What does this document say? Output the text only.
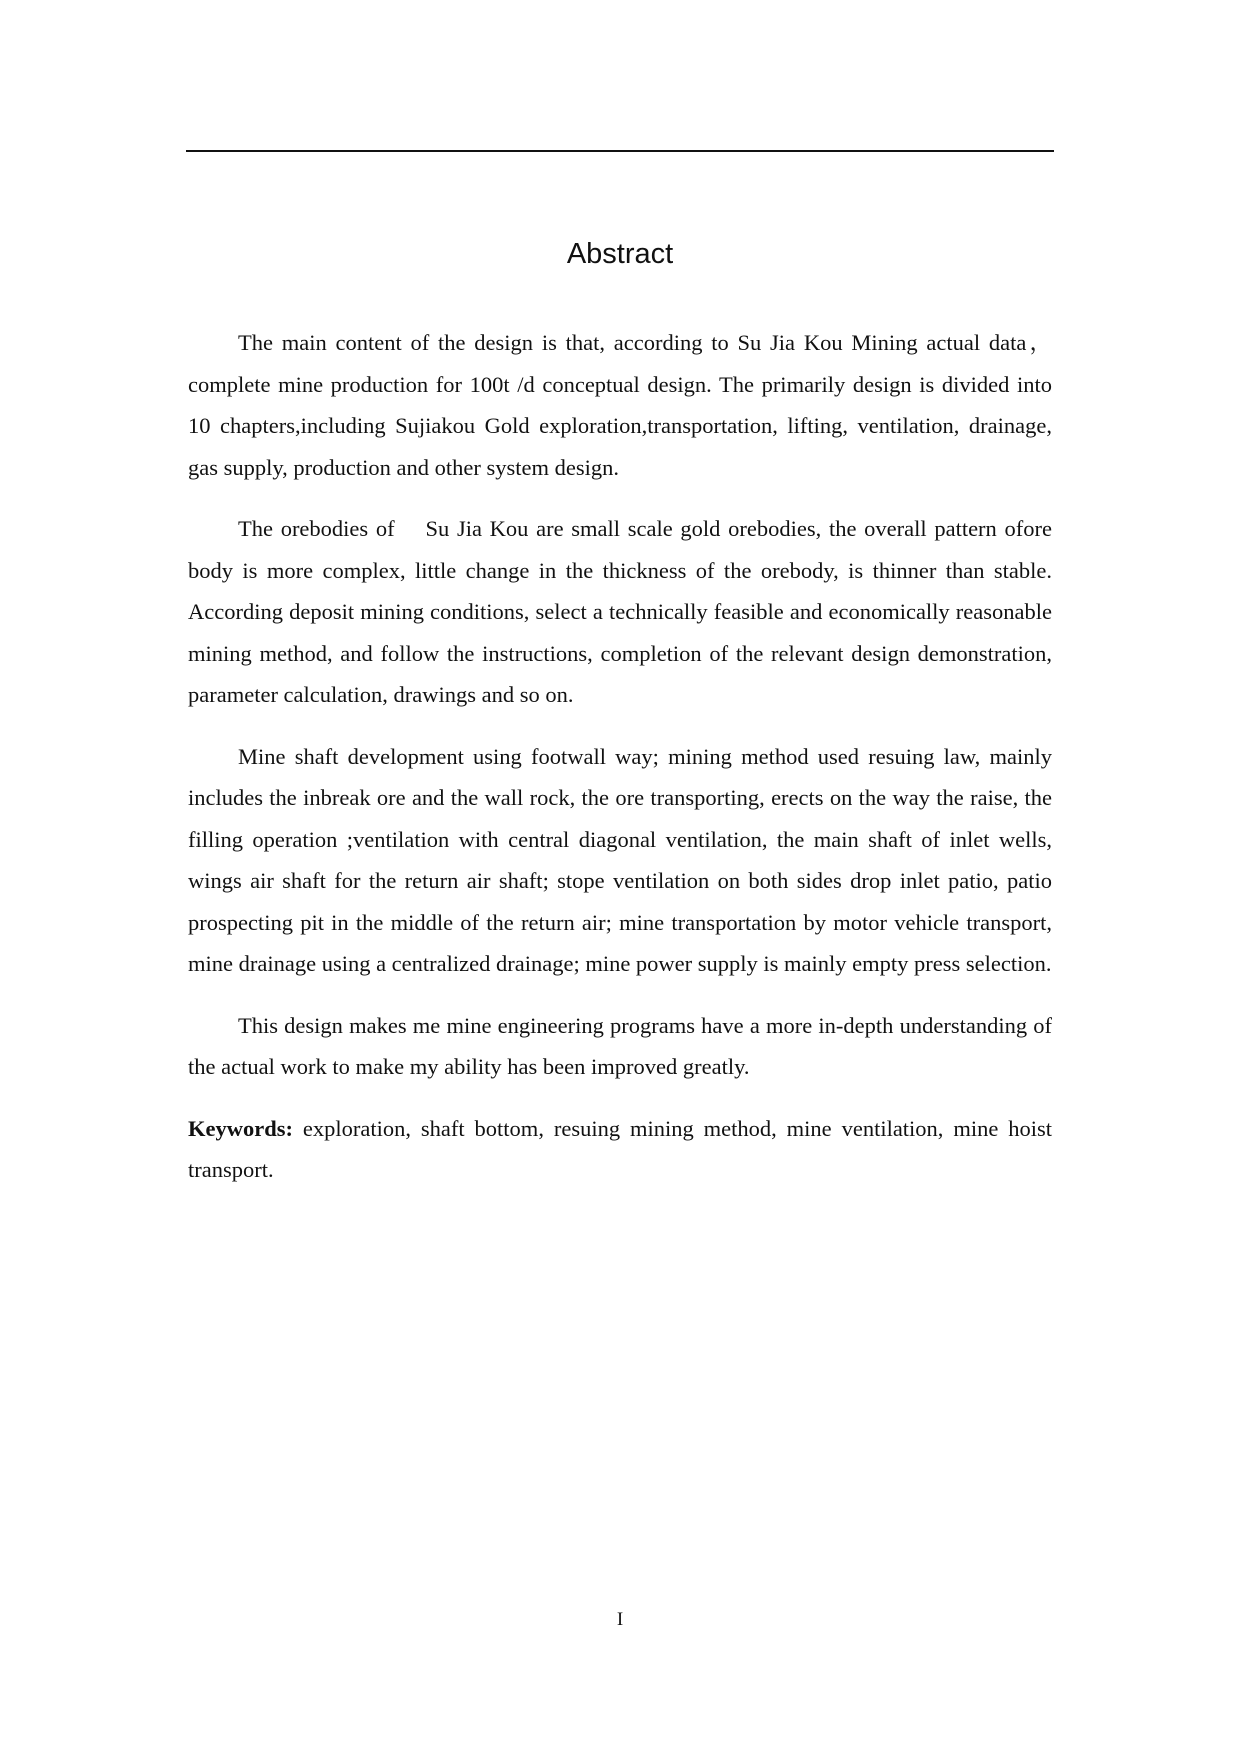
Abstract

The main content of the design is that, according to Su Jia Kou Mining actual data，complete mine production for 100t /d conceptual design. The primarily design is divided into 10 chapters,including Sujiakou Gold exploration,transportation, lifting, ventilation, drainage, gas supply, production and other system design.

The orebodies of    Su Jia Kou are small scale gold orebodies, the overall pattern ofore body is more complex, little change in the thickness of the orebody, is thinner than stable. According deposit mining conditions, select a technically feasible and economically reasonable mining method, and follow the instructions, completion of the relevant design demonstration, parameter calculation, drawings and so on.

Mine shaft development using footwall way; mining method used resuing law, mainly includes the inbreak ore and the wall rock, the ore transporting, erects on the way the raise, the filling operation ;ventilation with central diagonal ventilation, the main shaft of inlet wells, wings air shaft for the return air shaft; stope ventilation on both sides drop inlet patio, patio prospecting pit in the middle of the return air; mine transportation by motor vehicle transport, mine drainage using a centralized drainage; mine power supply is mainly empty press selection.

This design makes me mine engineering programs have a more in-depth understanding of the actual work to make my ability has been improved greatly.

Keywords: exploration, shaft bottom, resuing mining method, mine ventilation, mine hoist transport.

I
